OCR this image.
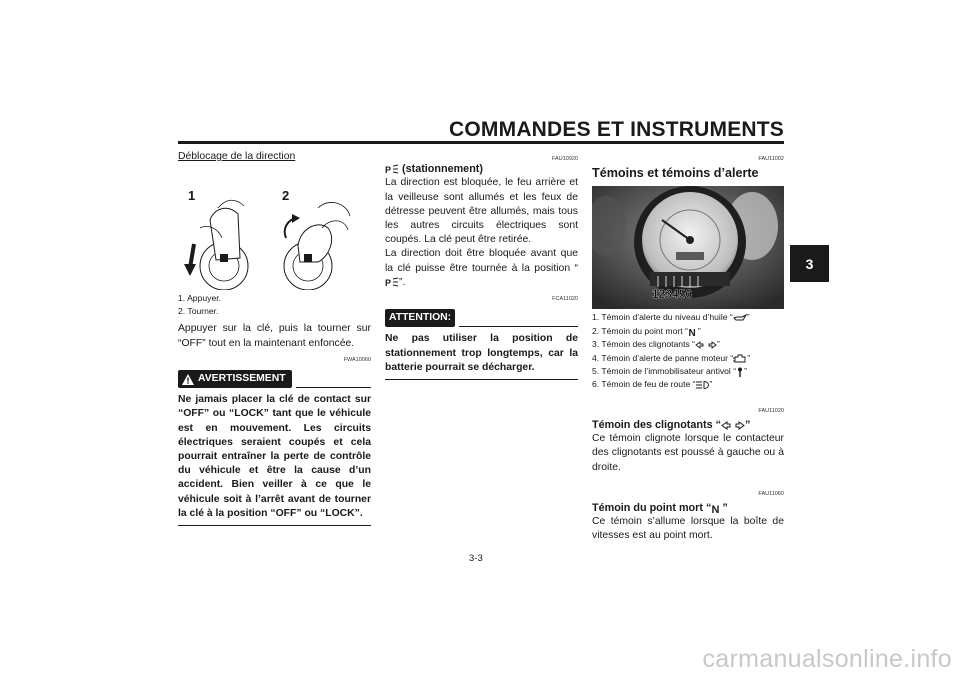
COMMANDES ET INSTRUMENTS
3
Déblocage de la direction
1	2
1. Appuyer.
2. Tourner.
Appuyer sur la clé, puis la tourner sur “OFF” tout en la maintenant enfoncée.
FWA10060
AVERTISSEMENT
Ne jamais placer la clé de contact sur “OFF” ou “LOCK” tant que le véhicule est en mouvement. Les circuits électriques seraient coupés et cela pourrait entraîner la perte de contrôle du véhicule et être la cause d’un accident. Bien veiller à ce que le véhicule soit à l’arrêt avant de tourner la clé à la position “OFF” ou “LOCK”.
FAU10920
P (stationnement)
La direction est bloquée, le feu arrière et la veilleuse sont allumés et les feux de détresse peuvent être allumés, mais tous les autres circuits électriques sont coupés. La clé peut être retirée.
La direction doit être bloquée avant que la clé puisse être tournée à la position “
P ”.
FCA11020
ATTENTION:
Ne pas utiliser la position de stationnement trop longtemps, car la batterie pourrait se décharger.
FAU11002
Témoins et témoins d’alerte
123456
1. Témoin d’alerte du niveau d’huile “ ”
2. Témoin du point mort “ N ”
3. Témoin des clignotants “	”
4. Témoin d’alerte de panne moteur “ ”
5. Témoin de l’immobilisateur antivol “ ”
6. Témoin de feu de route “ ”
FAU11020
Témoin des clignotants “ ”
Ce témoin clignote lorsque le contacteur des clignotants est poussé à gauche ou à droite.
FAU11060
Témoin du point mort “ N ”
Ce témoin s’allume lorsque la boîte de vitesses est au point mort.
3-3
carmanualsonline.info
